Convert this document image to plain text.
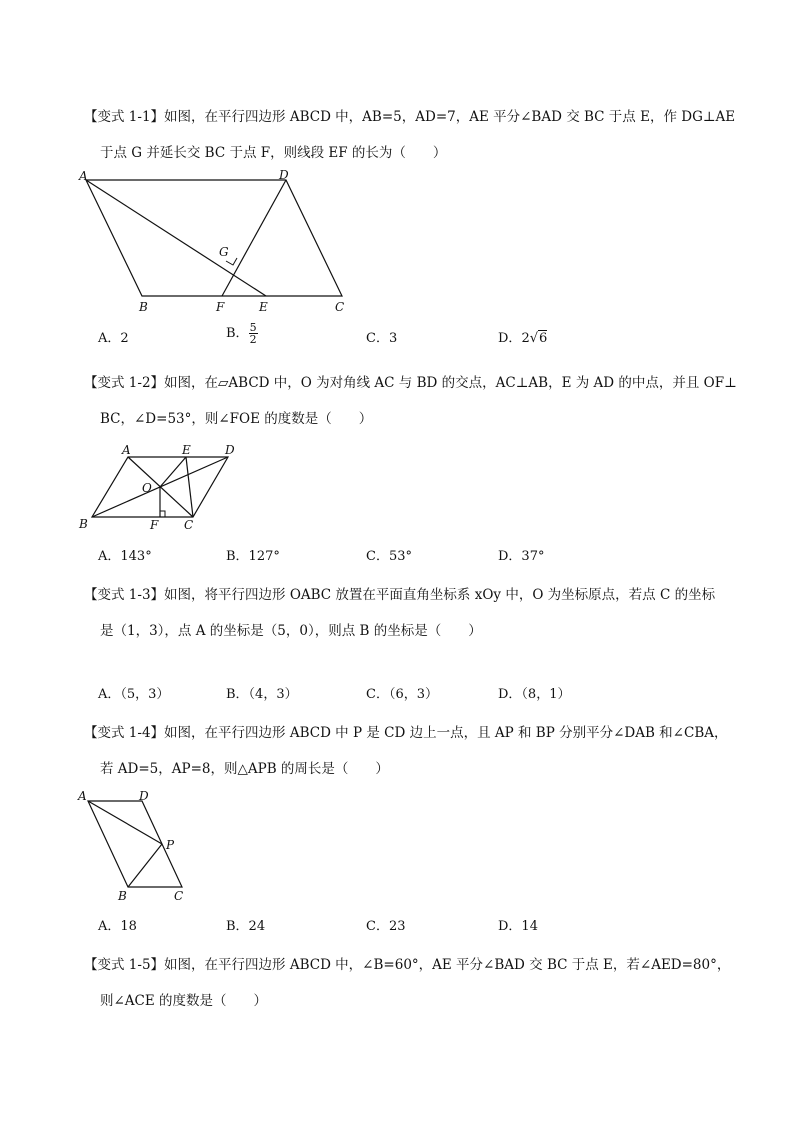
【变式 1-1】如图，在平行四边形 ABCD 中，AB=5，AD=7，AE 平分∠BAD 交 BC 于点 E，作 DG⊥AE
于点 G 并延长交 BC 于点 F，则线段 EF 的长为（　　）
A	D
G
B	F	E	C
A．2	B． $\frac{5}{2}$	C．3	D．2√6
【变式 1-2】如图，在▱ABCD 中，O 为对角线 AC 与 BD 的交点，AC⊥AB，E 为 AD 的中点，并且 OF⊥
BC，∠D=53°，则∠FOE 的度数是（　　）
A	E	D
O
B	F C
A．143°	B．127°	C．53°	D．37°
【变式 1-3】如图，将平行四边形 OABC 放置在平面直角坐标系 xOy 中，O 为坐标原点，若点 C 的坐标
是（1，3），点 A 的坐标是（5，0），则点 B 的坐标是（　　）
A．（5，3）	B．（4，3）	C．（6，3）	D．（8，1）
【变式 1-4】如图，在平行四边形 ABCD 中 P 是 CD 边上一点，且 AP 和 BP 分别平分∠DAB 和∠CBA，
若 AD=5，AP=8，则△APB 的周长是（　　）
A	D
P
B	C
A．18	B．24	C．23	D．14
【变式 1-5】如图，在平行四边形 ABCD 中，∠B=60°，AE 平分∠BAD 交 BC 于点 E，若∠AED=80°，
则∠ACE 的度数是（　　）
